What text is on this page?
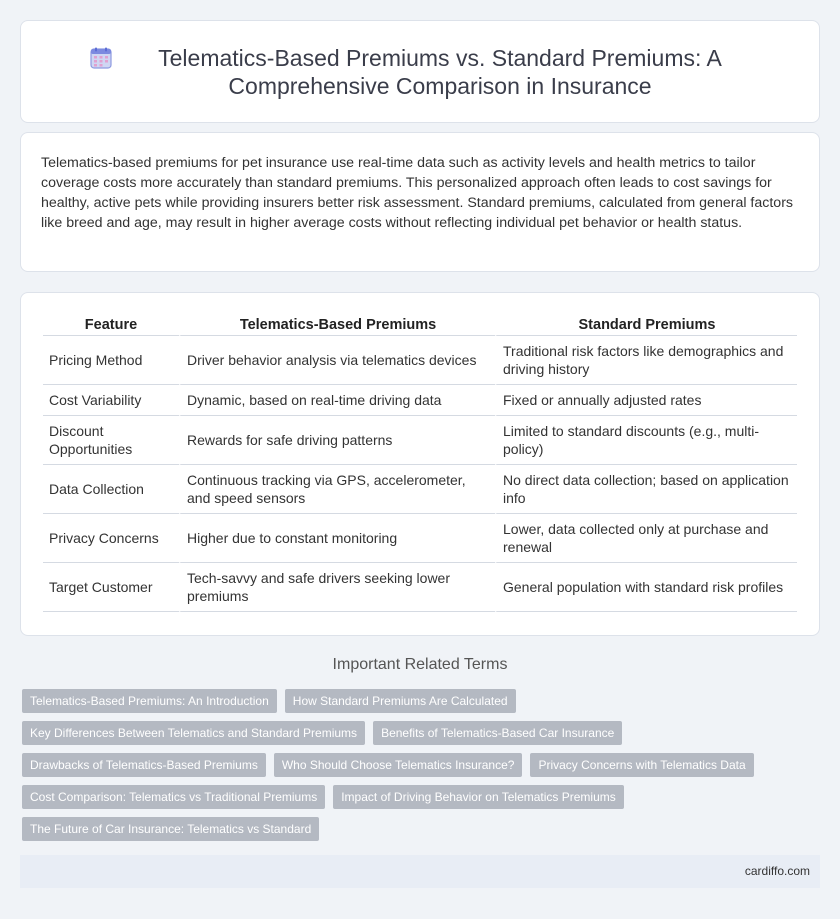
Telematics-Based Premiums vs. Standard Premiums: A Comprehensive Comparison in Insurance

Telematics-based premiums for pet insurance use real-time data such as activity levels and health metrics to tailor coverage costs more accurately than standard premiums. This personalized approach often leads to cost savings for healthy, active pets while providing insurers better risk assessment. Standard premiums, calculated from general factors like breed and age, may result in higher average costs without reflecting individual pet behavior or health status.

Feature	Telematics-Based Premiums	Standard Premiums
Pricing Method	Driver behavior analysis via telematics devices	Traditional risk factors like demographics and driving history
Cost Variability	Dynamic, based on real-time driving data	Fixed or annually adjusted rates
Discount Opportunities	Rewards for safe driving patterns	Limited to standard discounts (e.g., multi-policy)
Data Collection	Continuous tracking via GPS, accelerometer, and speed sensors	No direct data collection; based on application info
Privacy Concerns	Higher due to constant monitoring	Lower, data collected only at purchase and renewal
Target Customer	Tech-savvy and safe drivers seeking lower premiums	General population with standard risk profiles
Important Related Terms
Telematics-Based Premiums: An Introduction	How Standard Premiums Are Calculated
Key Differences Between Telematics and Standard Premiums	Benefits of Telematics-Based Car Insurance
Drawbacks of Telematics-Based Premiums	Who Should Choose Telematics Insurance?	Privacy Concerns with Telematics Data
Cost Comparison: Telematics vs Traditional Premiums	Impact of Driving Behavior on Telematics Premiums
The Future of Car Insurance: Telematics vs Standard
cardiffo.com
